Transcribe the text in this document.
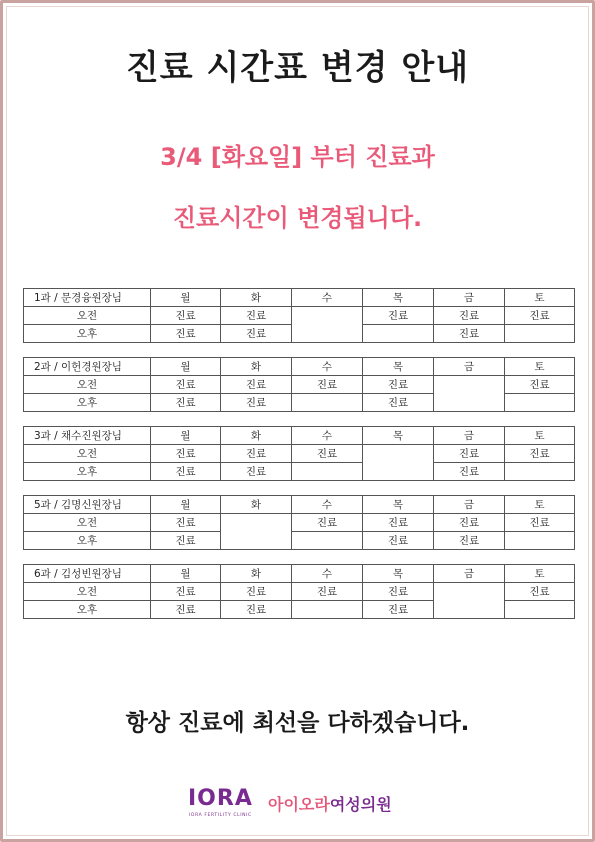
진료 시간표 변경 안내
3/4 [화요일] 부터 진료과
진료시간이 변경됩니다.
1과 / 문경융원장님	월	화	수	목	금	토
오전	진료	진료		진료	진료	진료
오후	진료	진료			진료	
2과 / 이헌경원장님	월	화	수	목	금	토
오전	진료	진료	진료	진료		진료
오후	진료	진료		진료		
3과 / 채수진원장님	월	화	수	목	금	토
오전	진료	진료	진료		진료	진료
오후	진료	진료			진료	
5과 / 김명신원장님	월	화	수	목	금	토
오전	진료		진료	진료	진료	진료
오후	진료			진료	진료	
6과 / 김성빈원장님	월	화	수	목	금	토
오전	진료	진료	진료	진료		진료
오후	진료	진료		진료		
항상 진료에 최선을 다하겠습니다.
IORA
IORA FERTILITY CLINIC
아이오라여성의원
